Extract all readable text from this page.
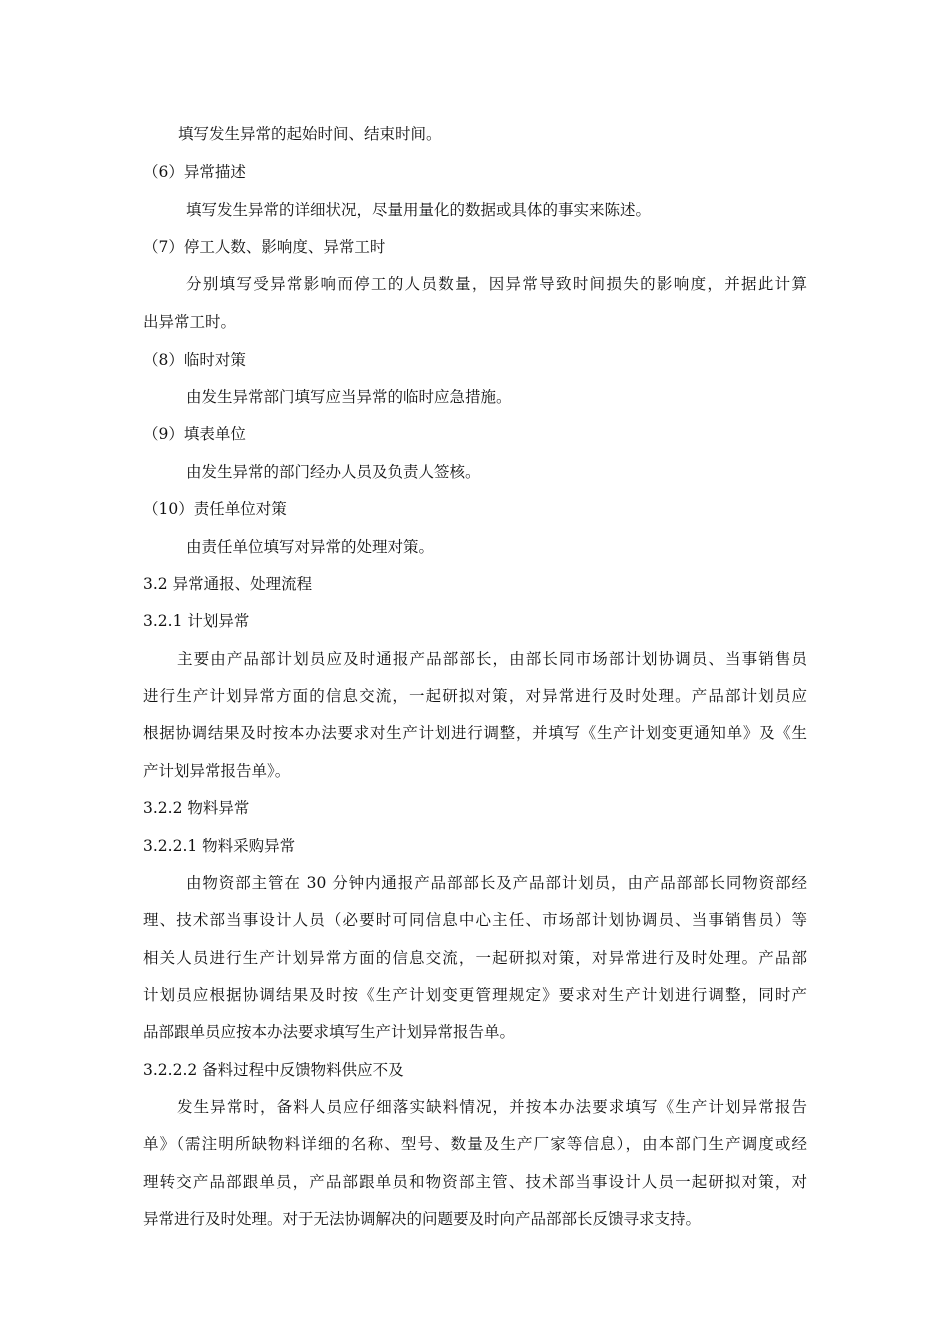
填写发生异常的起始时间、结束时间。
（6）异常描述
填写发生异常的详细状况，尽量用量化的数据或具体的事实来陈述。
（7）停工人数、影响度、异常工时
分别填写受异常影响而停工的人员数量，因异常导致时间损失的影响度，并据此计算
出异常工时。
（8）临时对策
由发生异常部门填写应当异常的临时应急措施。
（9）填表单位
由发生异常的部门经办人员及负责人签核。
（10）责任单位对策
由责任单位填写对异常的处理对策。
3.2 异常通报、处理流程
3.2.1 计划异常
主要由产品部计划员应及时通报产品部部长，由部长同市场部计划协调员、当事销售员
进行生产计划异常方面的信息交流，一起研拟对策，对异常进行及时处理。产品部计划员应
根据协调结果及时按本办法要求对生产计划进行调整，并填写《生产计划变更通知单》及《生
产计划异常报告单》。
3.2.2 物料异常
3.2.2.1 物料采购异常
由物资部主管在 30 分钟内通报产品部部长及产品部计划员，由产品部部长同物资部经
理、技术部当事设计人员（必要时可同信息中心主任、市场部计划协调员、当事销售员）等
相关人员进行生产计划异常方面的信息交流，一起研拟对策，对异常进行及时处理。产品部
计划员应根据协调结果及时按《生产计划变更管理规定》要求对生产计划进行调整，同时产
品部跟单员应按本办法要求填写生产计划异常报告单。
3.2.2.2 备料过程中反馈物料供应不及
发生异常时，备料人员应仔细落实缺料情况，并按本办法要求填写《生产计划异常报告
单》（需注明所缺物料详细的名称、型号、数量及生产厂家等信息），由本部门生产调度或经
理转交产品部跟单员，产品部跟单员和物资部主管、技术部当事设计人员一起研拟对策，对
异常进行及时处理。对于无法协调解决的问题要及时向产品部部长反馈寻求支持。
